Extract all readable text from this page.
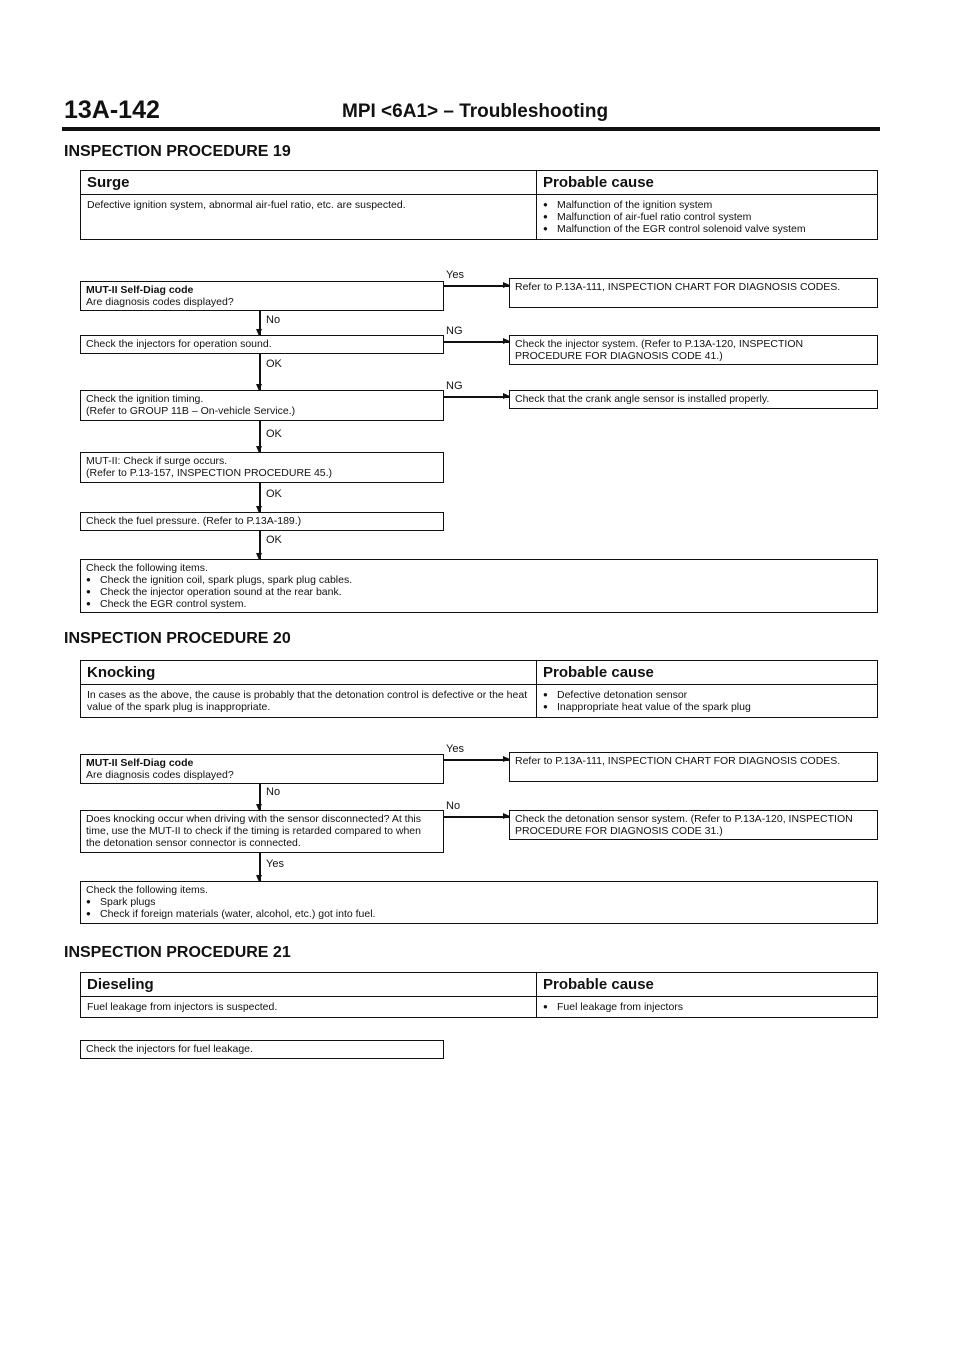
13A-142	MPI <6A1> – Troubleshooting
INSPECTION PROCEDURE 19
Surge	Probable cause
Defective ignition system, abnormal air-fuel ratio, etc. are suspected.	● Malfunction of the ignition system
● Malfunction of air-fuel ratio control system
● Malfunction of the EGR control solenoid valve system
MUT-II Self-Diag code
Are diagnosis codes displayed?
Yes
Refer to P.13A-111, INSPECTION CHART FOR DIAGNOSIS CODES.
No
Check the injectors for operation sound.
NG
Check the injector system. (Refer to P.13A-120, INSPECTION PROCEDURE FOR DIAGNOSIS CODE 41.)
OK
Check the ignition timing.
(Refer to GROUP 11B – On-vehicle Service.)
NG
Check that the crank angle sensor is installed properly.
OK
MUT-II: Check if surge occurs.
(Refer to P.13-157, INSPECTION PROCEDURE 45.)
OK
Check the fuel pressure. (Refer to P.13A-189.)
OK
Check the following items.
● Check the ignition coil, spark plugs, spark plug cables.
● Check the injector operation sound at the rear bank.
● Check the EGR control system.
INSPECTION PROCEDURE 20
Knocking	Probable cause
In cases as the above, the cause is probably that the detonation control is defective or the heat value of the spark plug is inappropriate.
● Defective detonation sensor
● Inappropriate heat value of the spark plug
MUT-II Self-Diag code
Are diagnosis codes displayed?
Yes
Refer to P.13A-111, INSPECTION CHART FOR DIAGNOSIS CODES.
No
Does knocking occur when driving with the sensor disconnected? At this time, use the MUT-II to check if the timing is retarded compared to when the detonation sensor connector is connected.
No
Check the detonation sensor system. (Refer to P.13A-120, INSPECTION PROCEDURE FOR DIAGNOSIS CODE 31.)
Yes
Check the following items.
● Spark plugs
● Check if foreign materials (water, alcohol, etc.) got into fuel.
INSPECTION PROCEDURE 21
Dieseling	Probable cause
Fuel leakage from injectors is suspected.	● Fuel leakage from injectors
Check the injectors for fuel leakage.
